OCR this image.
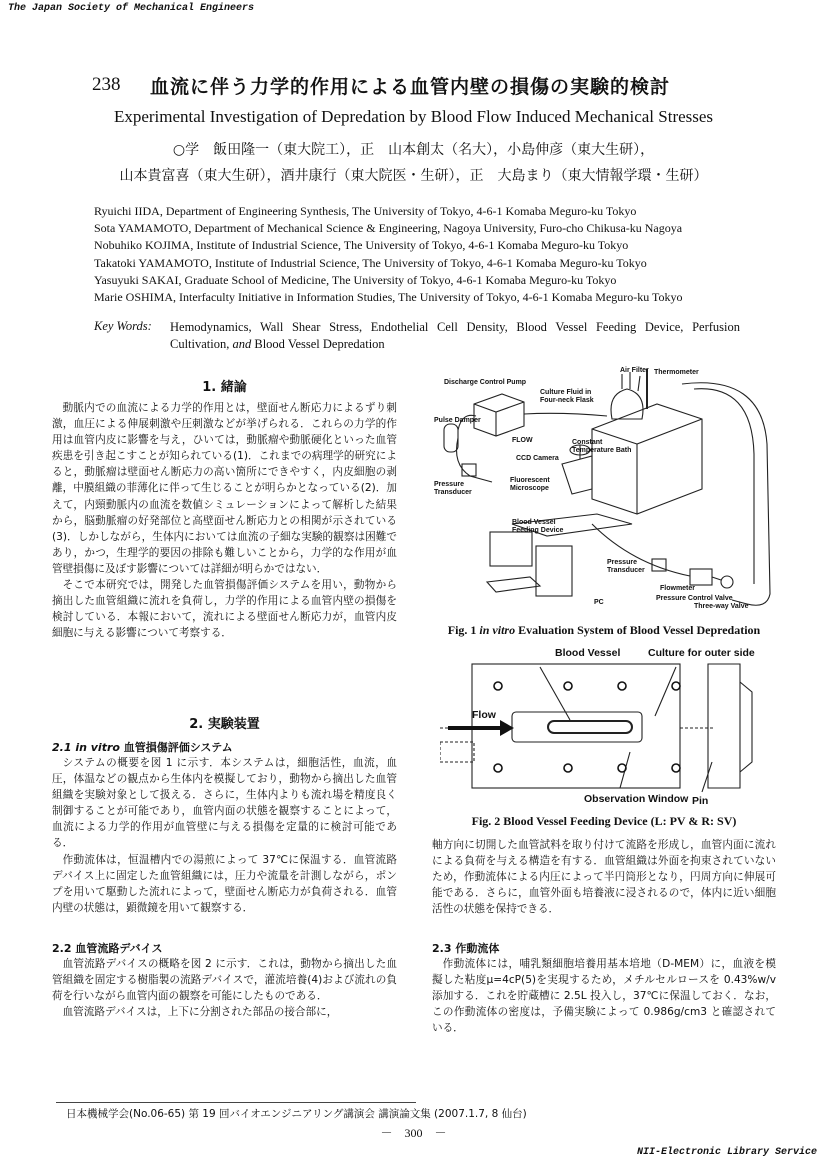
The Japan Society of Mechanical Engineers
238 血流に伴う力学的作用による血管内壁の損傷の実験的検討
Experimental Investigation of Depredation by Blood Flow Induced Mechanical Stresses
○学　飯田隆一（東大院工），正　山本創太（名大），小島伸彦（東大生研），
山本貴富喜（東大生研），酒井康行（東大院医・生研），正　大島まり（東大情報学環・生研）
Ryuichi IIDA, Department of Engineering Synthesis, The University of Tokyo, 4-6-1 Komaba Meguro-ku Tokyo
Sota YAMAMOTO, Department of Mechanical Science & Engineering, Nagoya University, Furo-cho Chikusa-ku Nagoya
Nobuhiko KOJIMA, Institute of Industrial Science, The University of Tokyo, 4-6-1 Komaba Meguro-ku Tokyo
Takatoki YAMAMOTO, Institute of Industrial Science, The University of Tokyo, 4-6-1 Komaba Meguro-ku Tokyo
Yasuyuki SAKAI, Graduate School of Medicine, The University of Tokyo, 4-6-1 Komaba Meguro-ku Tokyo
Marie OSHIMA, Interfaculty Initiative in Information Studies, The University of Tokyo, 4-6-1 Komaba Meguro-ku Tokyo
Key Words: Hemodynamics, Wall Shear Stress, Endothelial Cell Density, Blood Vessel Feeding Device, Perfusion Cultivation, and Blood Vessel Depredation
1. 緒論

動脈内での血流による力学的作用とは，壁面せん断応力によるずり刺激，血圧による伸展刺激や圧刺激などが挙げられる．これらの力学的作用は血管内皮に影響を与え，ひいては，動脈瘤や動脈硬化といった血管疾患を引き起こすことが知られている(1)．これまでの病理学的研究によると，動脈瘤は壁面せん断応力の高い箇所にできやすく，内皮細胞の剥離，中膜組織の菲薄化に伴って生じることが明らかとなっている(2)．加えて，内頸動脈内の血流を数値シミュレーションによって解析した結果から，脳動脈瘤の好発部位と高壁面せん断応力との相関が示されている(3)．しかしながら，生体内においては血流の子細な実験的観察は困難であり，かつ，生理学的要因の排除も難しいことから，力学的な作用が血管壁損傷に及ぼす影響については詳細が明らかではない．

そこで本研究では，開発した血管損傷評価システムを用い，動物から摘出した血管組織に流れを負荷し，力学的作用による血管内壁の損傷を検討している．本報において，流れによる壁面せん断応力が，血管内皮細胞に与える影響について考察する．

2. 実験装置
2.1 in vitro 血管損傷評価システム

システムの概要を図 1 に示す．本システムは，細胞活性，血流，血圧，体温などの観点から生体内を模擬しており，動物から摘出した血管組織を実験対象として扱える．さらに，生体内よりも流れ場を精度良く制御することが可能であり，血管内面の状態を観察することによって，血流による力学的作用が血管壁に与える損傷を定量的に検討可能である．

作動流体は，恒温槽内での湯煎によって 37℃に保温する．血管流路デバイス上に固定した血管組織には，圧力や流量を計測しながら，ポンプを用いて駆動した流れによって，壁面せん断応力が負荷される．血管内壁の状態は，顕微鏡を用いて観察する．

2.2 血管流路デバイス

血管流路デバイスの概略を図 2 に示す．これは，動物から摘出した血管組織を固定する樹脂製の流路デバイスで，灌流培養(4)および流れの負荷を行いながら血管内面の観察を可能にしたものである．

血管流路デバイスは，上下に分割された部品の接合部に，

Discharge Control Pump
Air Filter Thermometer
Culture Fluid in
Four-neck Flask
Pulse Damper
FLOW	Constant
Temperature Bath
CCD Camera
Fluorescent
Microscope
Pressure
Transducer
Blood Vessel
Feeding Device
Pressure
Transducer
Flowmeter
Pressure Control Valve
PC
Three-way Valve
Fig. 1 in vitro Evaluation System of Blood Vessel Depredation
Blood Vessel	Culture for outer side
Flow
Observation Window Pin
Fig. 2 Blood Vessel Feeding Device (L: PV & R: SV)

軸方向に切開した血管試料を取り付けて流路を形成し，血管内面に流れによる負荷を与える構造を有する．血管組織は外面を拘束されていないため，作動流体による内圧によって半円筒形となり，円周方向に伸展可能である．さらに，血管外面も培養液に浸されるので，体内に近い細胞活性の状態を保持できる．

2.3 作動流体

作動流体には，哺乳類細胞培養用基本培地（D-MEM）に，血液を模擬した粘度μ=4cP(5)を実現するため，メチルセルロースを 0.43%w/v 添加する．これを貯蔵槽に 2.5L 投入し，37℃に保温しておく．なお，この作動流体の密度は，予備実験によって 0.986g/cm3 と確認されている．

日本機械学会(No.06-65) 第 19 回バイオエンジニアリング講演会 講演論文集 (2007.1.7, 8 仙台)
－　300　－
NII-Electronic Library Service
